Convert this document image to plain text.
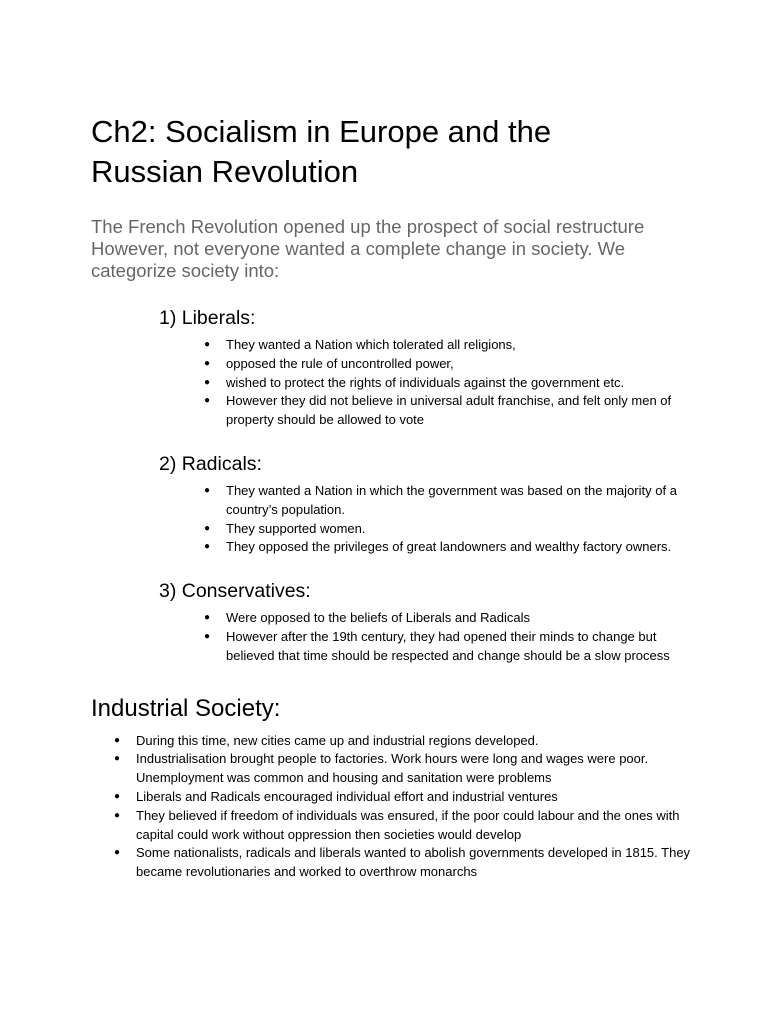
Ch2: Socialism in Europe and the
Russian Revolution

The French Revolution opened up the prospect of social restructure However, not everyone wanted a complete change in society. We categorize society into:

1) Liberals:
● They wanted a Nation which tolerated all religions,
● opposed the rule of uncontrolled power,
● wished to protect the rights of individuals against the government etc.
● However they did not believe in universal adult franchise, and felt only men of property should be allowed to vote
2) Radicals:
● They wanted a Nation in which the government was based on the majority of a country’s population.
● They supported women.
● They opposed the privileges of great landowners and wealthy factory owners.
3) Conservatives:
● Were opposed to the beliefs of Liberals and Radicals
● However after the 19th century, they had opened their minds to change but believed that time should be respected and change should be a slow process
Industrial Society:
● During this time, new cities came up and industrial regions developed.
● Industrialisation brought people to factories. Work hours were long and wages were poor. Unemployment was common and housing and sanitation were problems
● Liberals and Radicals encouraged individual effort and industrial ventures
● They believed if freedom of individuals was ensured, if the poor could labour and the ones with capital could work without oppression then societies would develop
● Some nationalists, radicals and liberals wanted to abolish governments developed in 1815. They became revolutionaries and worked to overthrow monarchs
